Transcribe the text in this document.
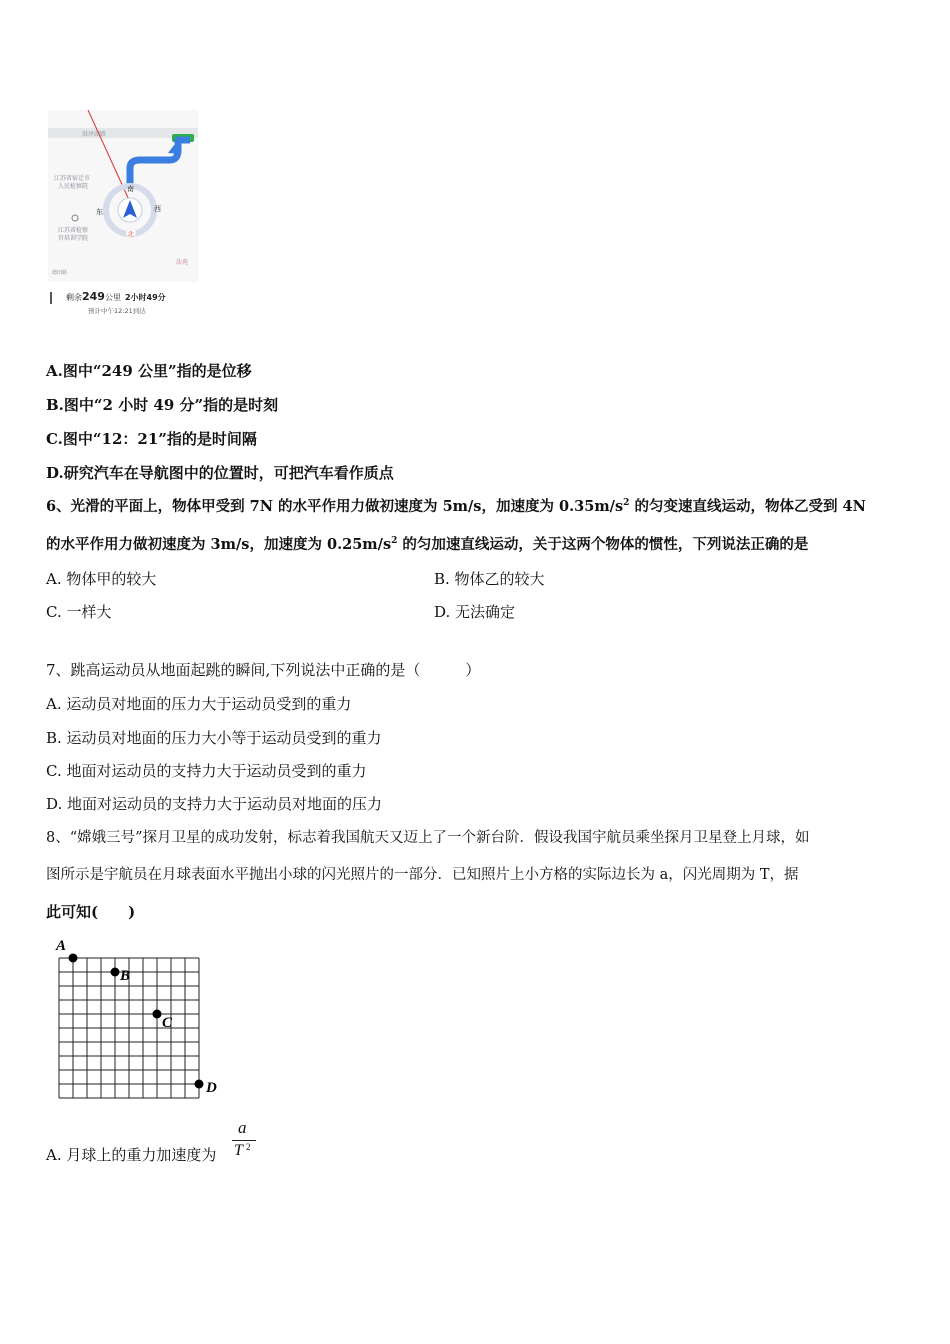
洪泽湖路
江苏省宿迁市
人民检察院	南
东	西
北
江苏省检察
官培训学院
法苑
德田路
剩余249公里 2小时49分
预计中午12:21到达
A.图中“249 公里”指的是位移
B.图中“2 小时 49 分”指的是时刻
C.图中“12：21”指的是时间隔
D.研究汽车在导航图中的位置时，可把汽车看作质点
6、光滑的平面上，物体甲受到 7N 的水平作用力做初速度为 5m/s，加速度为 $0.35m/s^2$ 的匀变速直线运动，物体乙受到 4N
的水平作用力做初速度为 3m/s，加速度为 $0.25m/s^2$ 的匀加速直线运动，关于这两个物体的惯性，下列说法正确的是
A. 物体甲的较大	B. 物体乙的较大
C. 一样大	D. 无法确定
7、跳高运动员从地面起跳的瞬间,下列说法中正确的是（　　　）
A. 运动员对地面的压力大于运动员受到的重力
B. 运动员对地面的压力大小等于运动员受到的重力
C. 地面对运动员的支持力大于运动员受到的重力
D. 地面对运动员的支持力大于运动员对地面的压力
8、“嫦娥三号”探月卫星的成功发射，标志着我国航天又迈上了一个新台阶．假设我国宇航员乘坐探月卫星登上月球，如
图所示是宇航员在月球表面水平抛出小球的闪光照片的一部分．已知照片上小方格的实际边长为 a，闪光周期为 T，据
此可知(　　)
A
B
C
D
A. 月球上的重力加速度为
a
T 2
